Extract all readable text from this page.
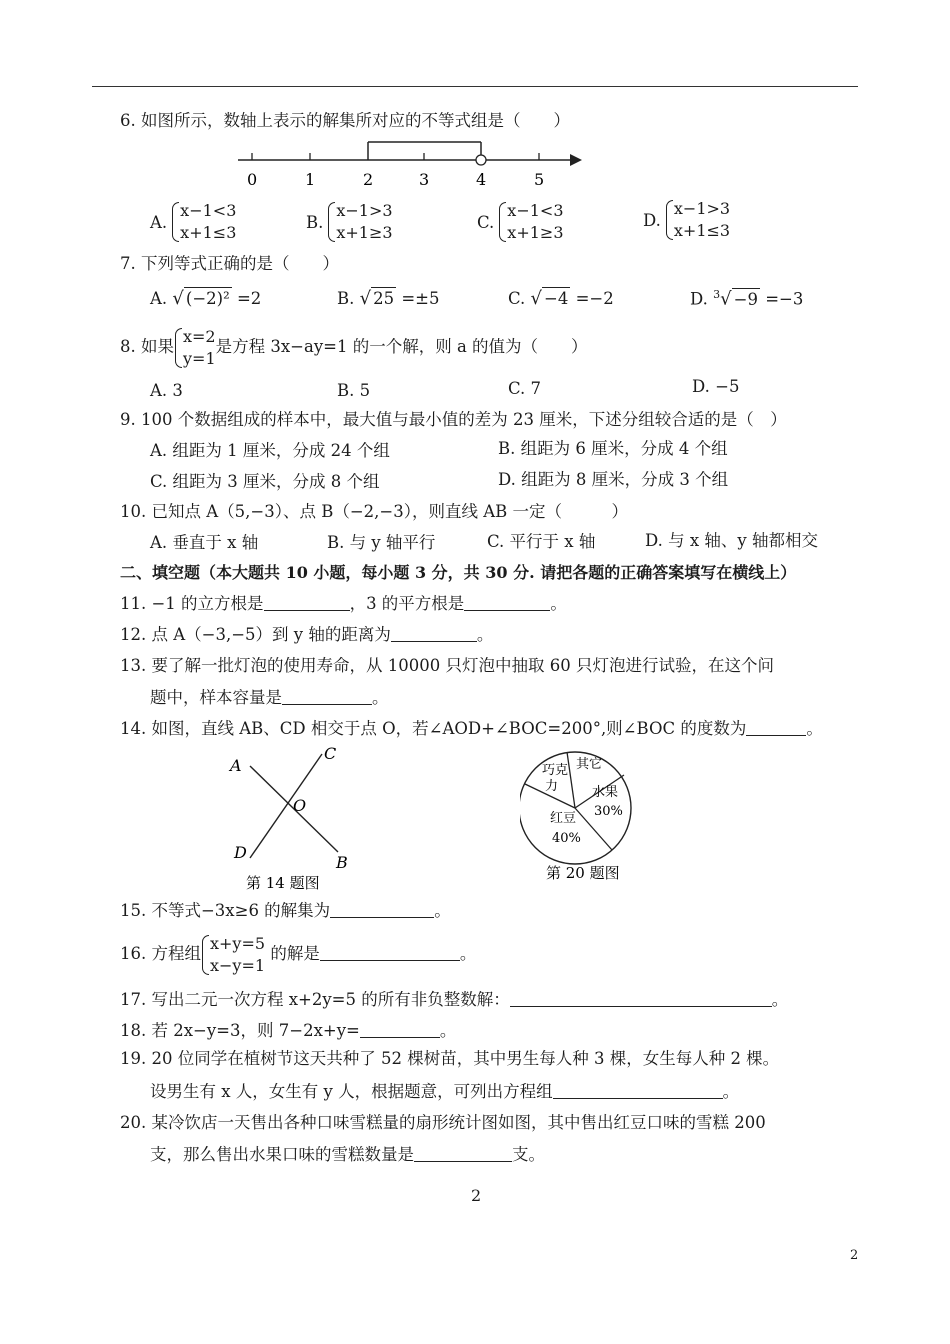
6. 如图所示，数轴上表示的解集所对应的不等式组是（　　）
0	1	2	3	4	5
A.
x−1<3
x+1≤3
B.
x−1>3
x+1≥3
C.
x−1<3
x+1≥3
D.
x−1>3
x+1≤3
7. 下列等式正确的是（　　）
A. √ (−2)² =2	B. √ 25 =±5	C. √ −4 =−2	D. $^3$√ −9 =−3
8. 如果
x=2
y=1
是方程 3x−ay=1 的一个解，则 a 的值为（　　）
A. 3	B. 5	C. 7	D. −5
9. 100 个数据组成的样本中，最大值与最小值的差为 23 厘米，下述分组较合适的是（　）
A. 组距为 1 厘米，分成 24 个组	B. 组距为 6 厘米，分成 4 个组
C. 组距为 3 厘米，分成 8 个组	D. 组距为 8 厘米，分成 3 个组
10. 已知点 A（5,−3）、点 B（−2,−3），则直线 AB 一定（　　　）
A. 垂直于 x 轴	B. 与 y 轴平行	C. 平行于 x 轴	D. 与 x 轴、y 轴都相交
二、填空题（本大题共 10 小题，每小题 3 分，共 30 分. 请把各题的正确答案填写在横线上）
11. −1 的立方根是	，3 的平方根是	。
12. 点 A（−3,−5）到 y 轴的距离为	。
13. 要了解一批灯泡的使用寿命，从 10000 只灯泡中抽取 60 只灯泡进行试验，在这个问
题中，样本容量是	。
14. 如图，直线 AB、CD 相交于点 O，若∠AOD+∠BOC=200°,则∠BOC 的度数为	。
A
C
O
D
B
第 14 题图
巧克
力
其它
水果
30%
红豆
40%
第 20 题图
15. 不等式−3x≥6 的解集为	。
16. 方程组
x+y=5
x−y=1
的解是	。
17. 写出二元一次方程 x+2y=5 的所有非负整数解：	。
18. 若 2x−y=3，则 7−2x+y=	。
19. 20 位同学在植树节这天共种了 52 棵树苗，其中男生每人种 3 棵，女生每人种 2 棵。
设男生有 x 人，女生有 y 人，根据题意，可列出方程组	。
20. 某冷饮店一天售出各种口味雪糕量的扇形统计图如图，其中售出红豆口味的雪糕 200
支，那么售出水果口味的雪糕数量是	支。
2
2
